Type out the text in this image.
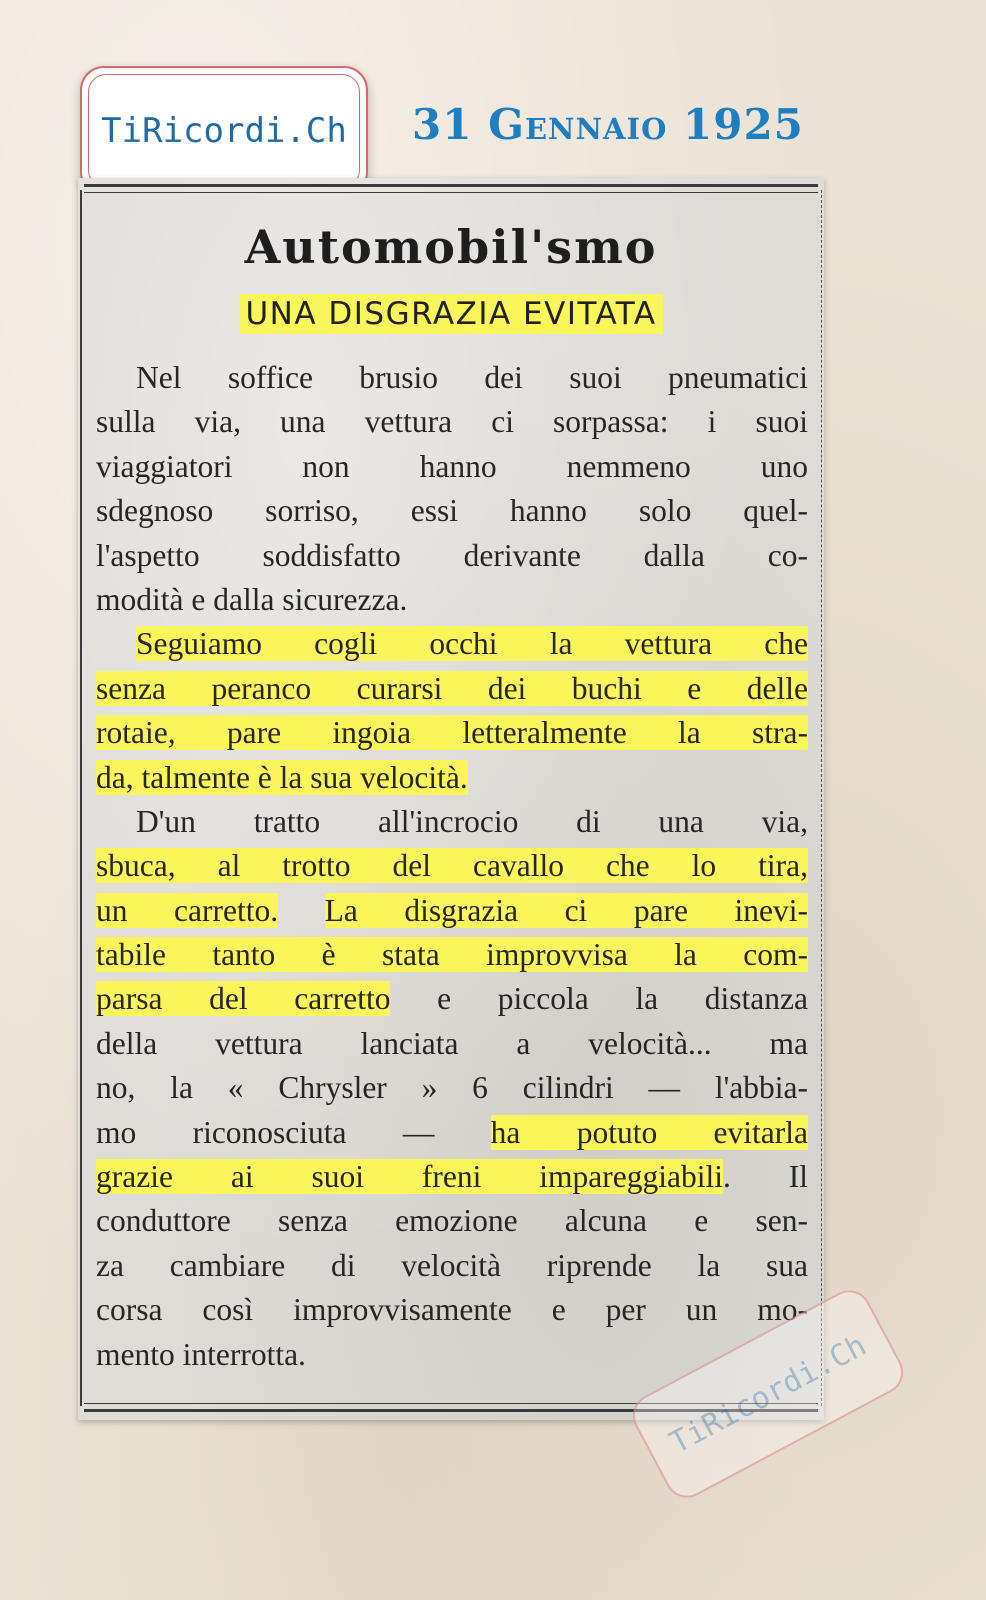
TiRicordi.Ch 31 Gennaio 1925
Automobil'smo
UNA DISGRAZIA EVITATA
Nel soffice brusio dei suoi pneumatici
sulla via, una vettura ci sorpassa: i suoi
viaggiatori non hanno nemmeno uno
sdegnoso sorriso, essi hanno solo quel-
l'aspetto soddisfatto derivante dalla co-
modità e dalla sicurezza.
Seguiamo cogli occhi la vettura che
senza peranco curarsi dei buchi e delle
rotaie, pare ingoia letteralmente la stra-
da, talmente è la sua velocità.
D'un tratto all'incrocio di una via,
sbuca, al trotto del cavallo che lo tira,
un carretto. La disgrazia ci pare inevi-
tabile tanto è stata improvvisa la com-
parsa del carretto e piccola la distanza
della vettura lanciata a velocità... ma
no, la « Chrysler » 6 cilindri — l'abbia-
mo riconosciuta — ha potuto evitarla
grazie ai suoi freni impareggiabili. Il
conduttore senza emozione alcuna e sen-
za cambiare di velocità riprende la sua
corsa così improvvisamente e per un mo-
mento interrotta.	TiRicordi.Ch
